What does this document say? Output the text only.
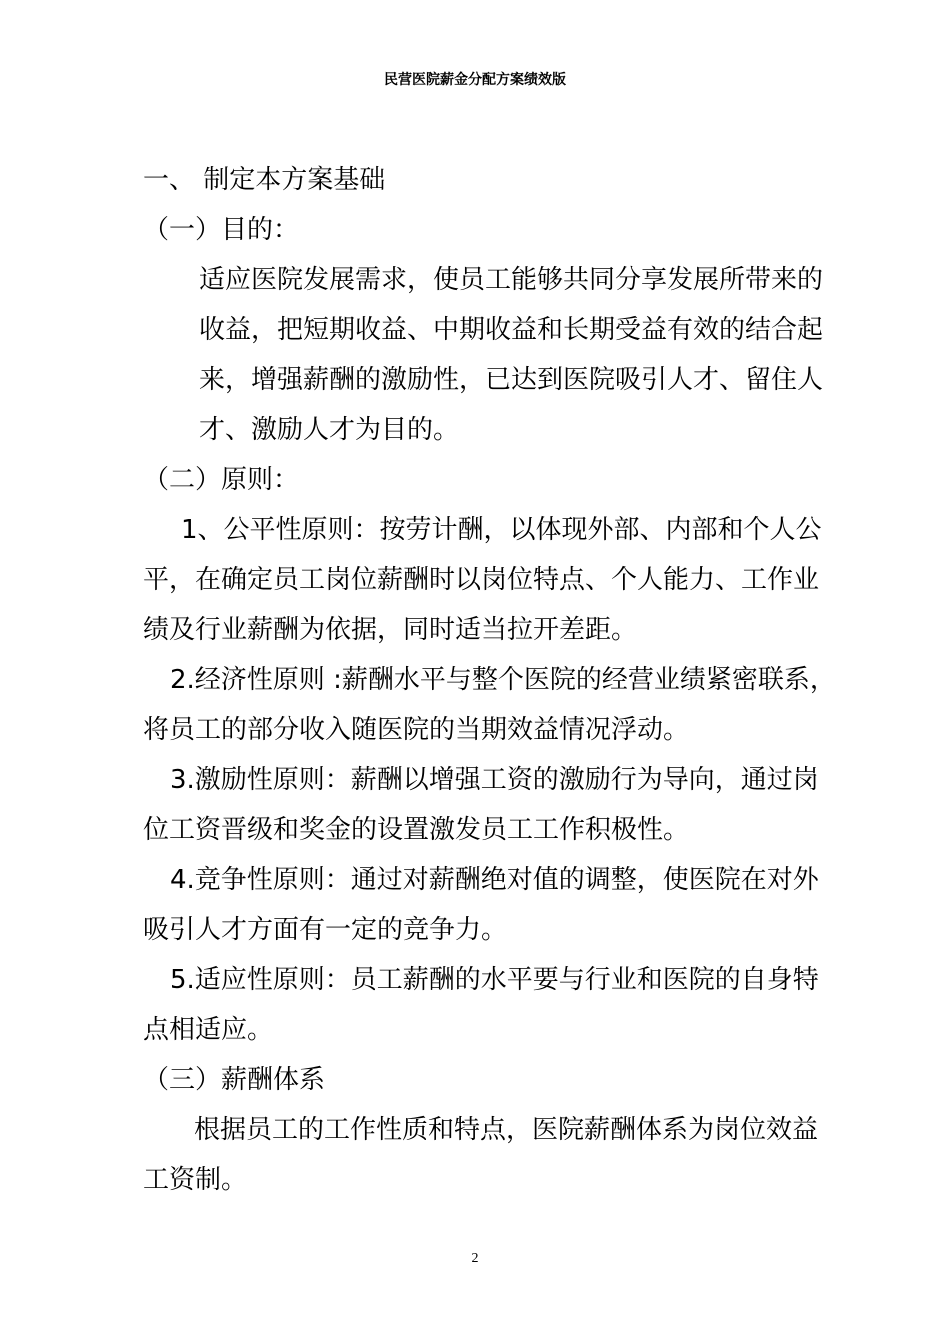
民营医院薪金分配方案绩效版
一、 制定本方案基础
（一）目的：
适应医院发展需求，使员工能够共同分享发展所带来的
收益，把短期收益、中期收益和长期受益有效的结合起
来，增强薪酬的激励性，已达到医院吸引人才、留住人
才、激励人才为目的。
（二）原则：
1、公平性原则：按劳计酬，以体现外部、内部和个人公
平，在确定员工岗位薪酬时以岗位特点、个人能力、工作业
绩及行业薪酬为依据，同时适当拉开差距。
2.经济性原则 :薪酬水平与整个医院的经营业绩紧密联系，
将员工的部分收入随医院的当期效益情况浮动。
3.激励性原则：薪酬以增强工资的激励行为导向，通过岗
位工资晋级和奖金的设置激发员工工作积极性。
4.竞争性原则：通过对薪酬绝对值的调整，使医院在对外
吸引人才方面有一定的竞争力。
5.适应性原则：员工薪酬的水平要与行业和医院的自身特
点相适应。
（三）薪酬体系
根据员工的工作性质和特点，医院薪酬体系为岗位效益
工资制。
2
